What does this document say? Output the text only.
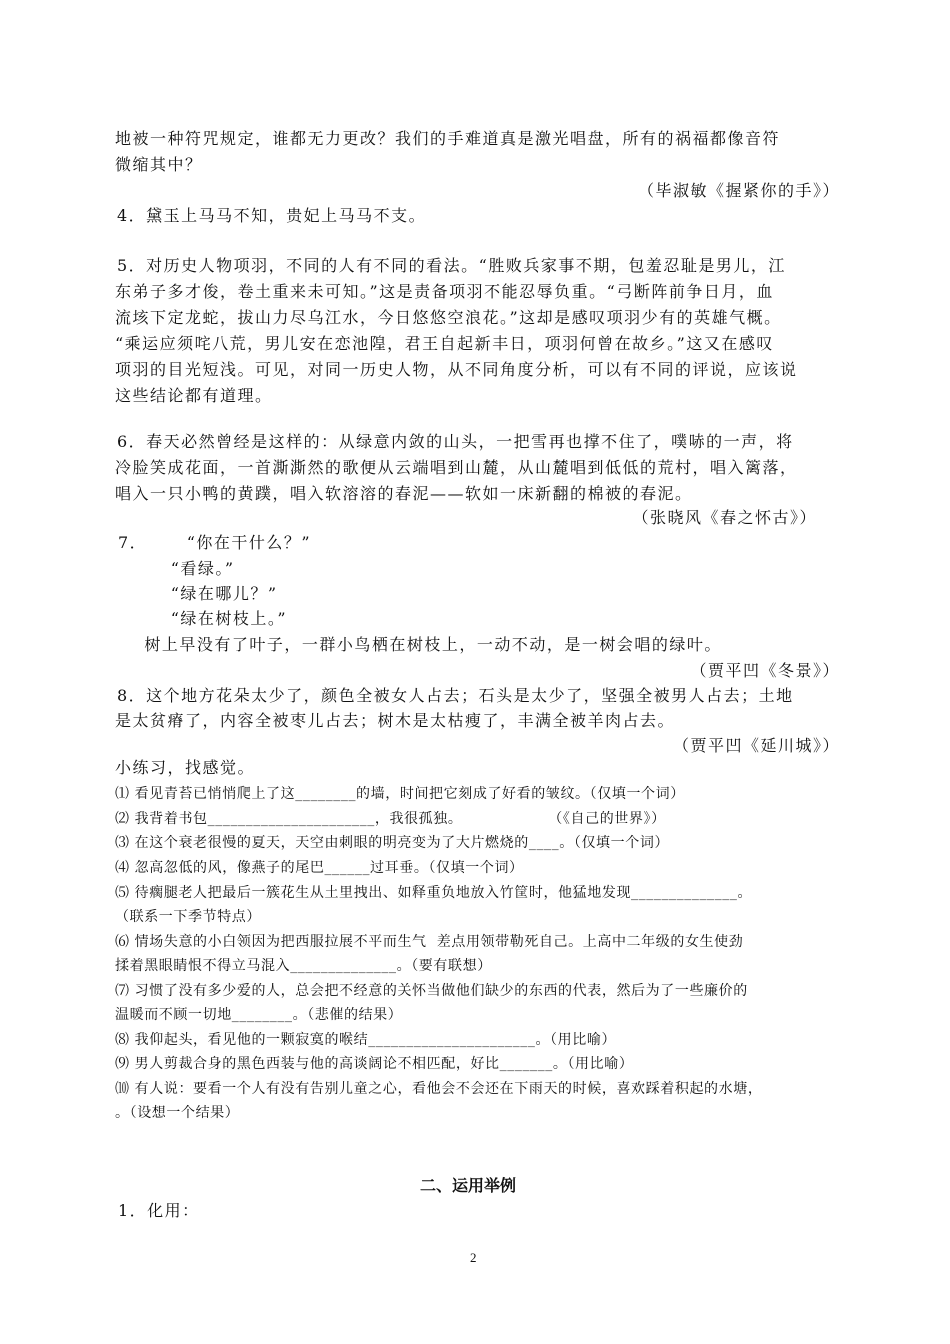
地被一种符咒规定，谁都无力更改？我们的手难道真是激光唱盘，所有的祸福都像音符
微缩其中？
（毕淑敏《握紧你的手》）
4．黛玉上马马不知，贵妃上马马不支。
5．对历史人物项羽，不同的人有不同的看法。“胜败兵家事不期，包羞忍耻是男儿，江
东弟子多才俊，卷土重来未可知。”这是责备项羽不能忍辱负重。“弓断阵前争日月，血
流垓下定龙蛇，拔山力尽乌江水，今日悠悠空浪花。”这却是感叹项羽少有的英雄气概。
“乘运应须咤八荒，男儿安在恋池隍，君王自起新丰日，项羽何曾在故乡。”这又在感叹
项羽的目光短浅。可见，对同一历史人物，从不同角度分析，可以有不同的评说，应该说
这些结论都有道理。
6．春天必然曾经是这样的：从绿意内敛的山头，一把雪再也撑不住了，噗哧的一声，将
冷脸笑成花面，一首澌澌然的歌便从云端唱到山麓，从山麓唱到低低的荒村，唱入篱落，
唱入一只小鸭的黄蹼，唱入软溶溶的春泥——软如一床新翻的棉被的春泥。
（张晓风《春之怀古》）
7．      “你在干什么？”
“看绿。”
“绿在哪儿？”
“绿在树枝上。”
树上早没有了叶子，一群小鸟栖在树枝上，一动不动，是一树会唱的绿叶。
（贾平凹《冬景》）
8．这个地方花朵太少了，颜色全被女人占去；石头是太少了，坚强全被男人占去；土地
是太贫瘠了，内容全被枣儿占去；树木是太枯瘦了，丰满全被羊肉占去。
（贾平凹《延川城》）
小练习，找感觉。
⑴ 看见青苔已悄悄爬上了这________的墙，时间把它刻成了好看的皱纹。（仅填一个词）
⑵ 我背着书包______________________，我很孤独。                 （《自己的世界》）
⑶ 在这个衰老很慢的夏天，天空由刺眼的明亮变为了大片燃烧的____。（仅填一个词）
⑷ 忽高忽低的风，像燕子的尾巴______过耳垂。（仅填一个词）
⑸ 待瘸腿老人把最后一簇花生从土里拽出、如释重负地放入竹筐时，他猛地发现______________。
（联系一下季节特点）
⑹ 情场失意的小白领因为把西服拉展不平而生气  差点用领带勒死自己。上高中二年级的女生使劲
揉着黑眼睛恨不得立马混入______________。（要有联想）
⑺ 习惯了没有多少爱的人，总会把不经意的关怀当做他们缺少的东西的代表，然后为了一些廉价的
温暖而不顾一切地________。（悲催的结果）
⑻ 我仰起头，看见他的一颗寂寞的喉结______________________。（用比喻）
⑼ 男人剪裁合身的黑色西装与他的高谈阔论不相匹配，好比_______。（用比喻）
⑽ 有人说：要看一个人有没有告别儿童之心，看他会不会还在下雨天的时候，喜欢踩着积起的水塘，
。（设想一个结果）
二、运用举例
1．化用：
2
